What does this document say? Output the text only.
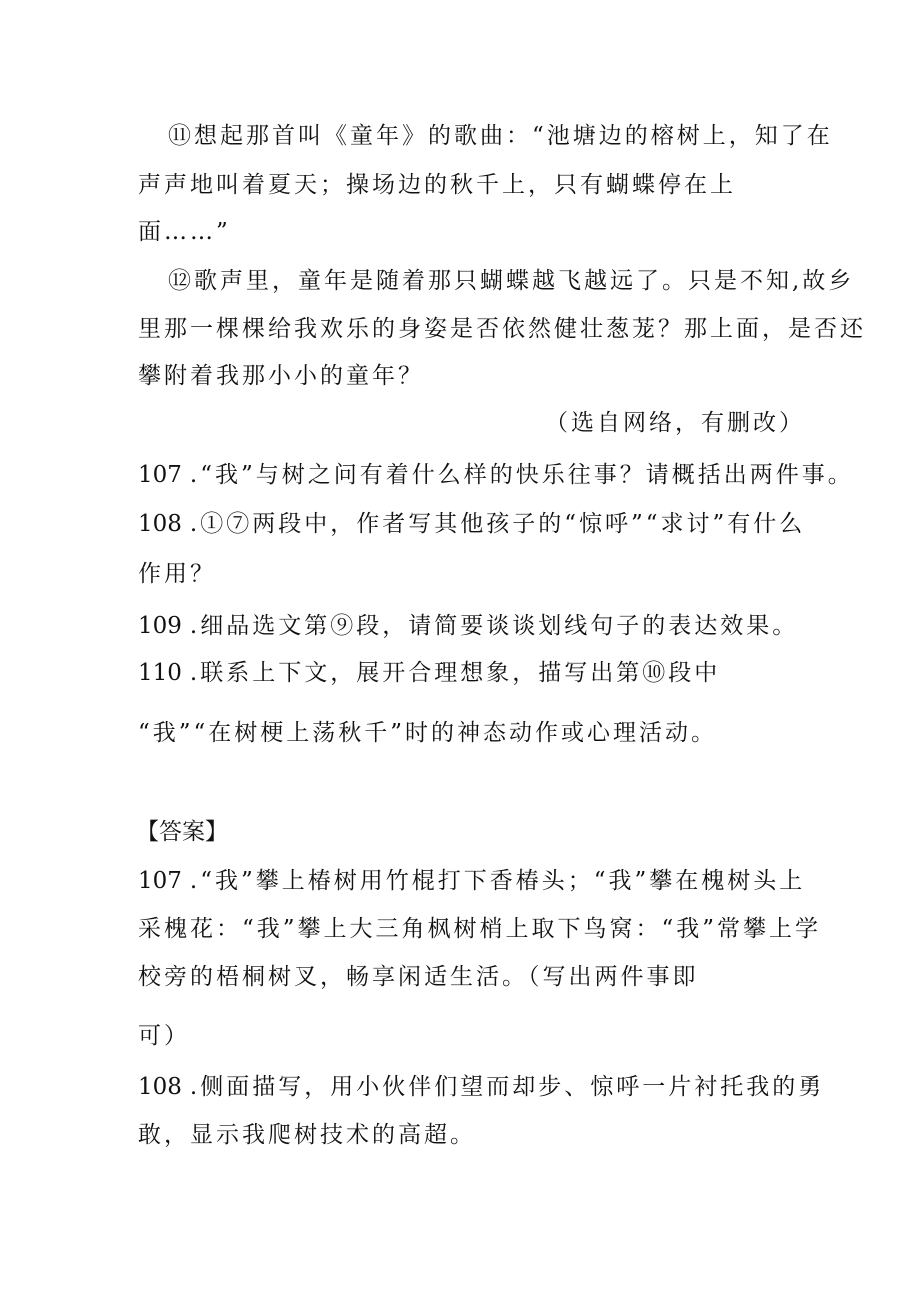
⑪想起那首叫《童年》的歌曲：“池塘边的榕树上，知了在
声声地叫着夏天；操场边的秋千上，只有蝴蝶停在上
面……”
⑫歌声里，童年是随着那只蝴蝶越飞越远了。只是不知,故乡
里那一棵棵给我欢乐的身姿是否依然健壮葱茏？那上面，是否还
攀附着我那小小的童年？
（选自网络，有删改）
107 .“我”与树之问有着什么样的快乐往事？请概括出两件事。
108 .①⑦两段中，作者写其他孩子的“惊呼”“求讨”有什么
作用？
109 .细品选文第⑨段，请简要谈谈划线句子的表达效果。
110 .联系上下文，展开合理想象，描写出第⑩段中
“我”“在树梗上荡秋千”时的神态动作或心理活动。
【答案】
107 .“我”攀上椿树用竹棍打下香椿头；“我”攀在槐树头上
采槐花：“我”攀上大三角枫树梢上取下鸟窝：“我”常攀上学
校旁的梧桐树叉，畅享闲适生活。（写出两件事即
可）
108 .侧面描写，用小伙伴们望而却步、惊呼一片衬托我的勇
敢，显示我爬树技术的高超。
